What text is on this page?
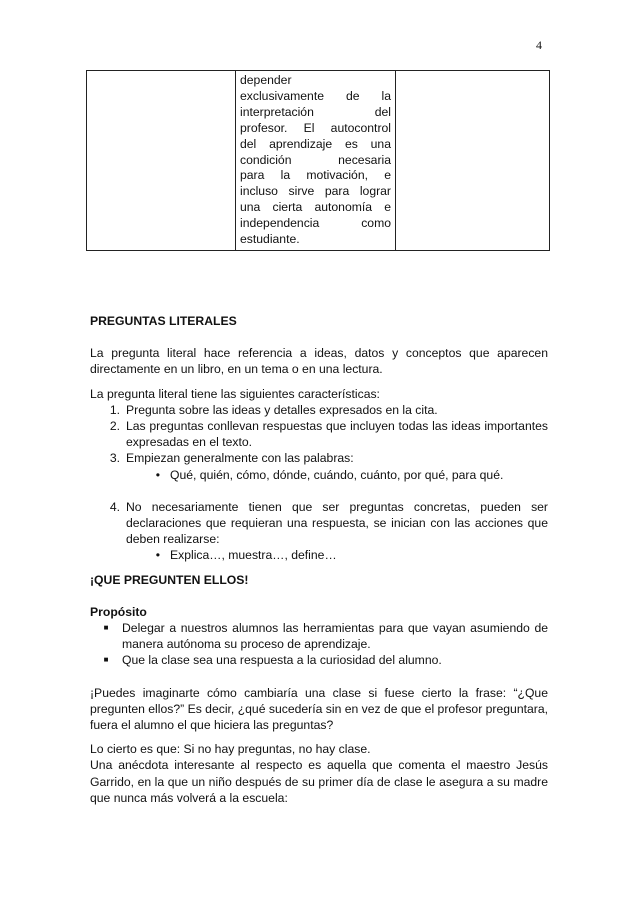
4

depender
exclusivamente de la
interpretación del
profesor. El autocontrol
del aprendizaje es una
condición necesaria
para la motivación, e
incluso sirve para lograr
una cierta autonomía e
independencia como
estudiante.

PREGUNTAS LITERALES

La pregunta literal hace referencia a ideas, datos y conceptos que aparecen directamente en un libro, en un tema o en una lectura.

La pregunta literal tiene las siguientes características:

1. Pregunta sobre las ideas y detalles expresados en la cita.
2. Las preguntas conllevan respuestas que incluyen todas las ideas importantes expresadas en el texto.
3. Empiezan generalmente con las palabras:
• Qué, quién, cómo, dónde, cuándo, cuánto, por qué, para qué.
4. No necesariamente tienen que ser preguntas concretas, pueden ser declaraciones que requieran una respuesta, se inician con las acciones que deben realizarse:
• Explica…, muestra…, define…

¡QUE PREGUNTEN ELLOS!

Propósito

■	Delegar a nuestros alumnos las herramientas para que vayan asumiendo de manera autónoma su proceso de aprendizaje.
■	Que la clase sea una respuesta a la curiosidad del alumno.

¡Puedes imaginarte cómo cambiaría una clase si fuese cierto la frase: “¿Que pregunten ellos?” Es decir, ¿qué sucedería sin en vez de que el profesor preguntara, fuera el alumno el que hiciera las preguntas?

Lo cierto es que: Si no hay preguntas, no hay clase.

Una anécdota interesante al respecto es aquella que comenta el maestro Jesús Garrido, en la que un niño después de su primer día de clase le asegura a su madre que nunca más volverá a la escuela:
